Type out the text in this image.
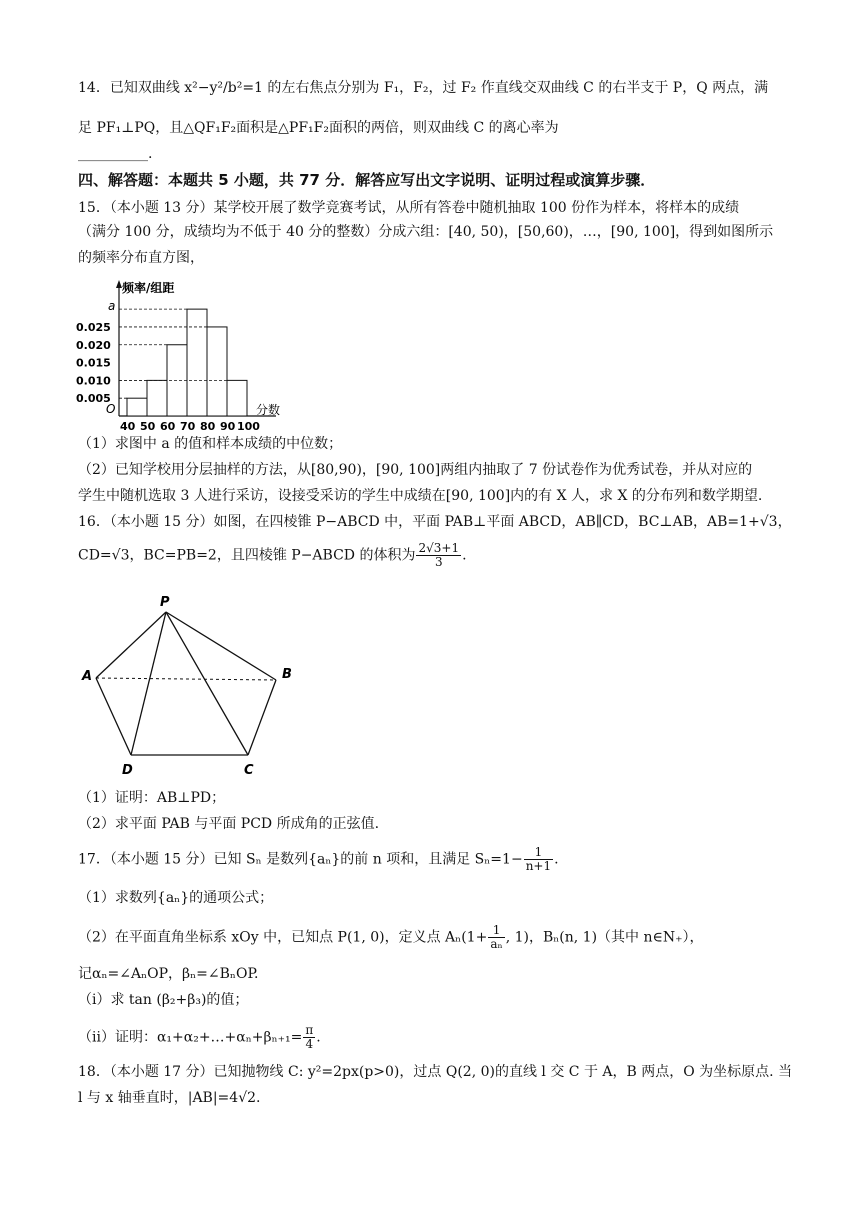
14．已知双曲线 x²−y²/b²=1 的左右焦点分别为 F₁，F₂，过 F₂ 作直线交双曲线 C 的右半支于 P，Q 两点，满
足 PF₁⊥PQ，且△QF₁F₂面积是△PF₁F₂面积的两倍，则双曲线 C 的离心率为
__________.
四、解答题：本题共 5 小题，共 77 分．解答应写出文字说明、证明过程或演算步骤．
15．（本小题 13 分）某学校开展了数学竞赛考试，从所有答卷中随机抽取 100 份作为样本，将样本的成绩
（满分 100 分，成绩均为不低于 40 分的整数）分成六组：[40, 50)，[50,60)，…，[90, 100]，得到如图所示
的频率分布直方图，
频率/组距
O	分数
a
0.005
0.010
0.015
0.020
0.025
40 50 60 70 80 90 100
（1）求图中 a 的值和样本成绩的中位数；
（2）已知学校用分层抽样的方法，从[80,90)，[90, 100]两组内抽取了 7 份试卷作为优秀试卷，并从对应的
学生中随机选取 3 人进行采访，设接受采访的学生中成绩在[90, 100]内的有 X 人，求 X 的分布列和数学期望.
16．（本小题 15 分）如图，在四棱锥 P−ABCD 中，平面 PAB⊥平面 ABCD，AB∥CD，BC⊥AB，AB=1+√3，
CD=√3，BC=PB=2，且四棱锥 P−ABCD 的体积为 $\frac{2√3+1}{3}$ .
P
A	B
D	C
（1）证明：AB⊥PD；
（2）求平面 PAB 与平面 PCD 所成角的正弦值.
17．（本小题 15 分）已知 Sₙ 是数列{aₙ}的前 n 项和，且满足 $S_n=1- \frac{1}{n+1}$ .
（1）求数列{aₙ}的通项公式；
（2）在平面直角坐标系 xOy 中，已知点 P(1, 0)，定义点 $A_n(1+ \frac{1}{\text{aₙ}}$ , 1)，Bₙ(n, 1)（其中 n∈N₊），
记αₙ=∠AₙOP，βₙ=∠BₙOP.
（i）求 tan (β₂+β₃)的值；
（ii）证明：α₁+α₂+…+αₙ+βₙ₊₁= $\frac{\pi}{4}$ .
18．（本小题 17 分）已知抛物线 C: y²=2px(p>0)，过点 Q(2, 0)的直线 l 交 C 于 A，B 两点，O 为坐标原点. 当
l 与 x 轴垂直时，|AB|=4√2.
